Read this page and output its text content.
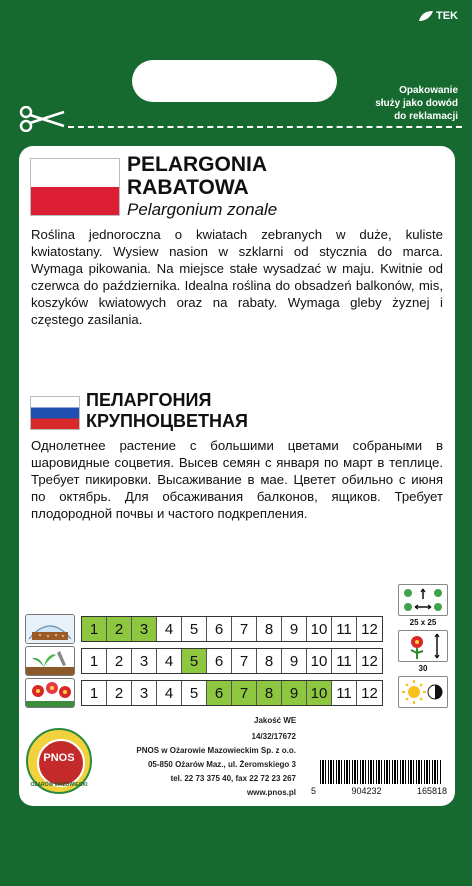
TEK
Opakowanie
służy jako dowód
do reklamacji
PELARGONIA
RABATOWA
Pelargonium zonale
Roślina jednoroczna o kwiatach zebranych w duże, kuliste kwiatostany. Wysiew nasion w szklarni od stycznia do marca. Wymaga pikowania. Na miejsce stałe wysadzać w maju. Kwitnie od czerwca do października. Idealna roślina do obsadzeń balkonów, mis, koszyków kwiatowych oraz na rabaty. Wymaga gleby żyznej i częstego zasilania.
ПЕЛАРГОНИЯ
КРУПНОЦВЕТНАЯ
Однолетнее растение с большими цветами собраными в шаровидные соцветия. Высев семян с января по март в теплице. Требует пикировки. Высаживание в мае. Цветет обильно с июня по октябрь. Для обсаживания балконов, ящиков. Требует плодородной почвы и частого подкрепления.
1	2	3	4	5	6	7	8	9 10 11 12
1	2	3	4	5	6	7	8	9 10 11 12
1	2	3	4	5	6	7	8	9 10 11 12
25 x 25
30
PNOS
OŻARÓW MAZOWIECKI
Jakość WE
14/32/17672
PNOS w Ożarowie Mazowieckim Sp. z o.o.
05-850 Ożarów Maz., ul. Żeromskiego 3
tel. 22 73 375 40, fax 22 72 23 267
www.pnos.pl 5	904232	165818
